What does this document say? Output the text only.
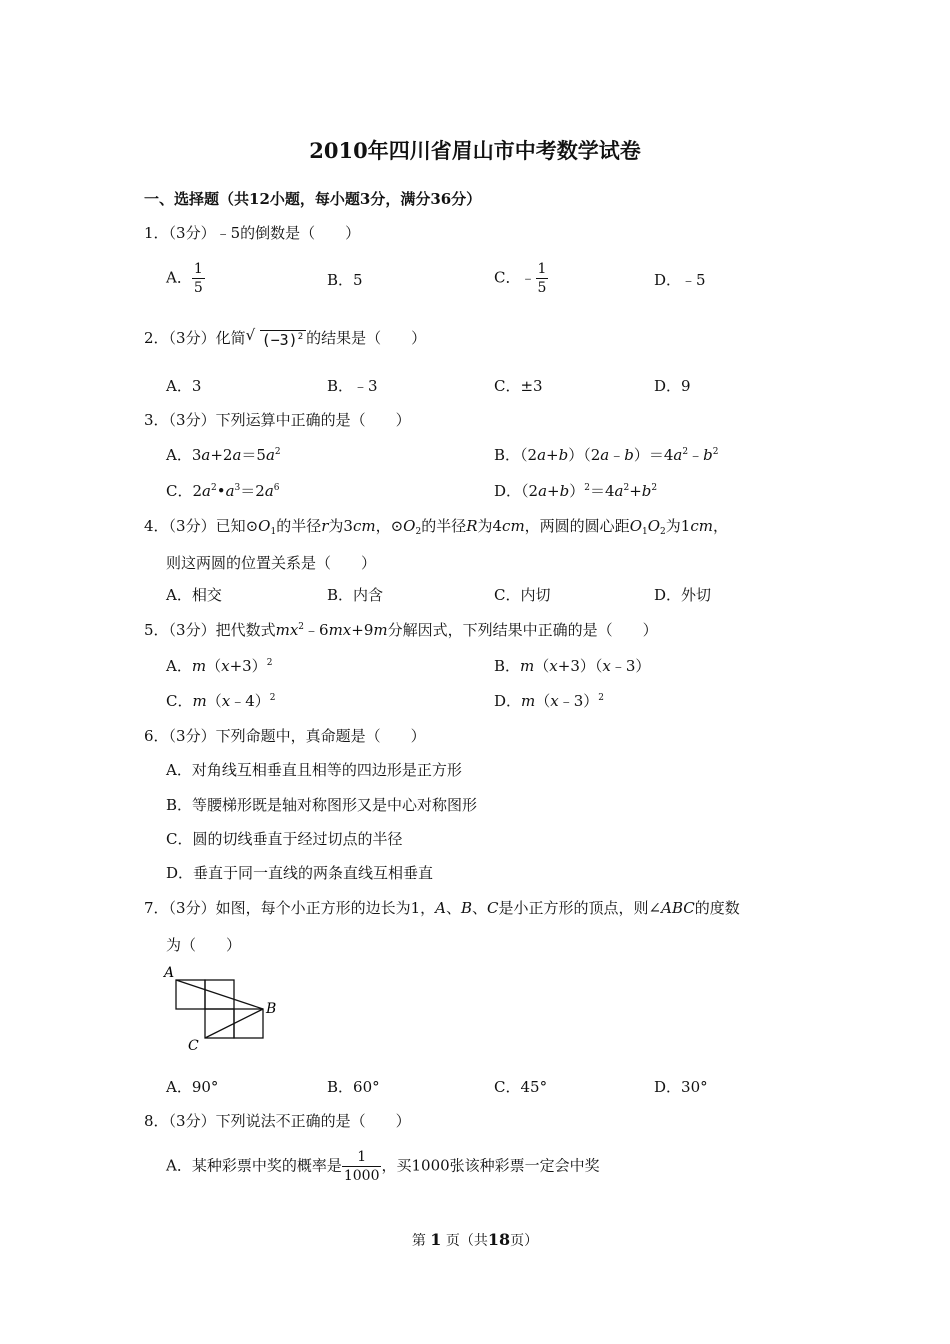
2010年四川省眉山市中考数学试卷
一、选择题（共12小题，每小题3分，满分36分）
1．（3分）﹣5的倒数是（　　）
A． $\frac{1}{5}$	B．5	C．﹣ $\frac{1}{5}$	D．﹣5
2．（3分）化简 √ $(-3)^2$ 的结果是（　　）
A．3	B．﹣3	C．±3	D．9
3．（3分）下列运算中正确的是（　　）
A．$3a+2a=5a^2$	B．$(2a+b)(2a﹣b)=4a^2﹣b^2$
C．$2a^2•a^3=2a^6$	D．$(2a+b)^2=4a^2+b^2$
4．（3分）已知$⊙O_1$的半径r为3cm，$⊙O_2$的半径R为4cm，两圆的圆心距$O_1O_2$为1cm，
则这两圆的位置关系是（　　）
A．相交	B．内含	C．内切	D．外切
5．（3分）把代数式$mx^2﹣6mx+9m$分解因式，下列结果中正确的是（　　）
A．$m(x+3)^2$	B．m（x+3）（x﹣3）
C．m（x﹣4）$^2$	D．m（x﹣3）$^2$
6．（3分）下列命题中，真命题是（　　）
A．对角线互相垂直且相等的四边形是正方形
B．等腰梯形既是轴对称图形又是中心对称图形
C．圆的切线垂直于经过切点的半径
D．垂直于同一直线的两条直线互相垂直
7．（3分）如图，每个小正方形的边长为1，A、B、C是小正方形的顶点，则∠ABC的度数
为（　　）
A
B
C
A．90°	B．60°	C．45°	D．30°
8．（3分）下列说法不正确的是（　　）
A．某种彩票中奖的概率是 $\frac{1}{1000}$ ，买1000张该种彩票一定会中奖
第 1 页（共18页）
